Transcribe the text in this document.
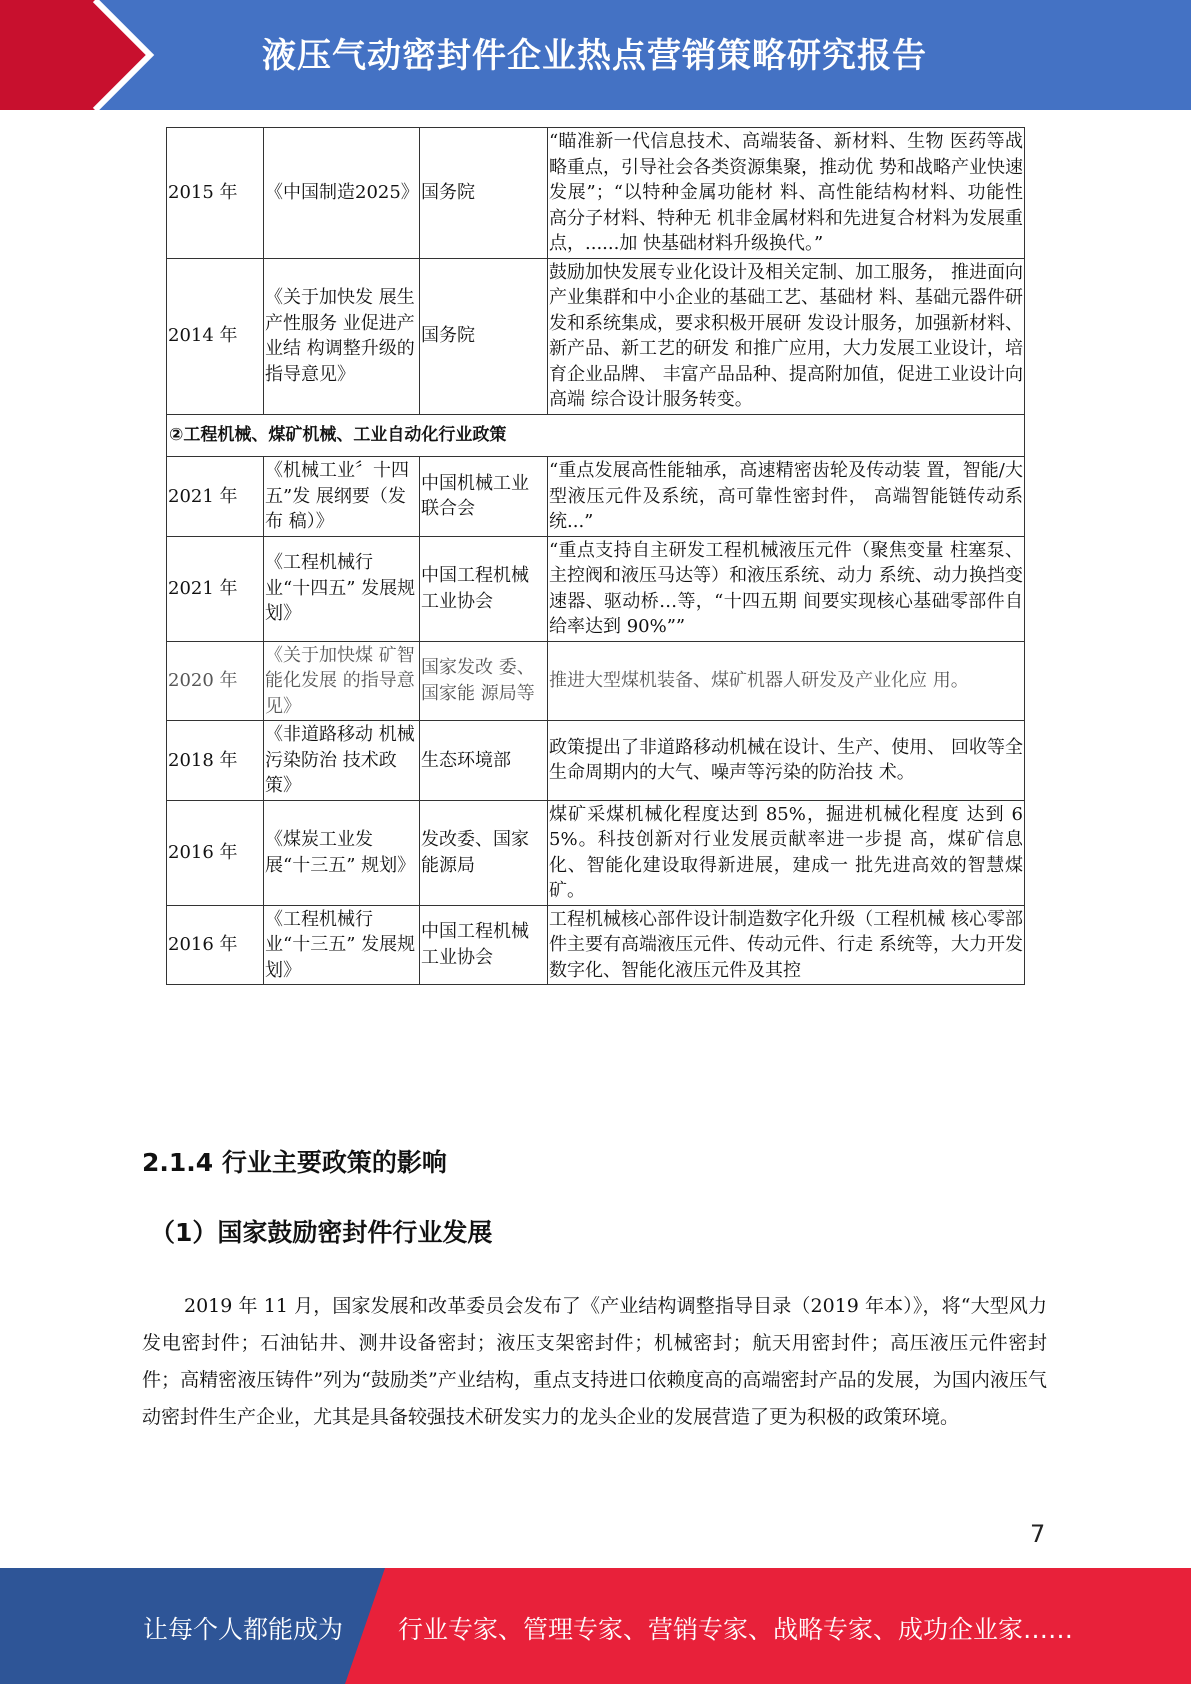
液压气动密封件企业热点营销策略研究报告
2015 年	《中国制造2025》	国务院	“瞄准新一代信息技术、高端装备、新材料、生物 医药等战略重点，引导社会各类资源集聚，推动优 势和战略产业快速发展”；“以特种金属功能材 料、高性能结构材料、功能性高分子材料、特种无 机非金属材料和先进复合材料为发展重点，......加 快基础材料升级换代。”
2014 年	《关于加快发 展生产性服务 业促进产业结 构调整升级的 指导意见》	国务院	鼓励加快发展专业化设计及相关定制、加工服务， 推进面向产业集群和中小企业的基础工艺、基础材 料、基础元器件研发和系统集成，要求积极开展研 发设计服务，加强新材料、新产品、新工艺的研发 和推广应用，大力发展工业设计，培育企业品牌、 丰富产品品种、提高附加值，促进工业设计向高端 综合设计服务转变。
②工程机械、煤矿机械、工业自动化行业政策			
2021 年	《机械工业〞十四五”发 展纲要（发布 稿）》	中国机械工业联合会	“重点发展高性能轴承，高速精密齿轮及传动装 置，智能/大型液压元件及系统，高可靠性密封件， 高端智能链传动系统...”
2021 年	《工程机械行 业“十四五” 发展规划》	中国工程机械工业协会	“重点支持自主研发工程机械液压元件（聚焦变量 柱塞泵、主控阀和液压马达等）和液压系统、动力 系统、动力换挡变速器、驱动桥…等，“十四五期 间要实现核心基础零部件自给率达到 90%””
2020 年	《关于加快煤 矿智能化发展 的指导意见》	国家发改 委、国家能 源局等	推进大型煤机装备、煤矿机器人研发及产业化应 用。
2018 年	《非道路移动 机械污染防治 技术政策》	生态环境部	政策提出了非道路移动机械在设计、生产、使用、 回收等全生命周期内的大气、噪声等污染的防治技 术。
2016 年	《煤炭工业发 展“十三五” 规划》	发改委、国家能源局	煤矿采煤机械化程度达到 85%，掘进机械化程度 达到 65%。科技创新对行业发展贡献率进一步提 高，煤矿信息化、智能化建设取得新进展，建成一 批先进高效的智慧煤矿。
2016 年	《工程机械行 业“十三五” 发展规划》	中国工程机械工业协会	工程机械核心部件设计制造数字化升级（工程机械 核心零部件主要有高端液压元件、传动元件、行走 系统等，大力开发数字化、智能化液压元件及其控
2.1.4 行业主要政策的影响
（1）国家鼓励密封件行业发展

2019 年 11 月，国家发展和改革委员会发布了《产业结构调整指导目录（2019 年本）》，将“大型风力发电密封件；石油钻井、测井设备密封；液压支架密封件；机械密封；航天用密封件；高压液压元件密封件；高精密液压铸件”列为“鼓励类”产业结构，重点支持进口依赖度高的高端密封产品的发展，为国内液压气动密封件生产企业，尤其是具备较强技术研发实力的龙头企业的发展营造了更为积极的政策环境。

7
让每个人都能成为 行业专家、管理专家、营销专家、战略专家、成功企业家……
